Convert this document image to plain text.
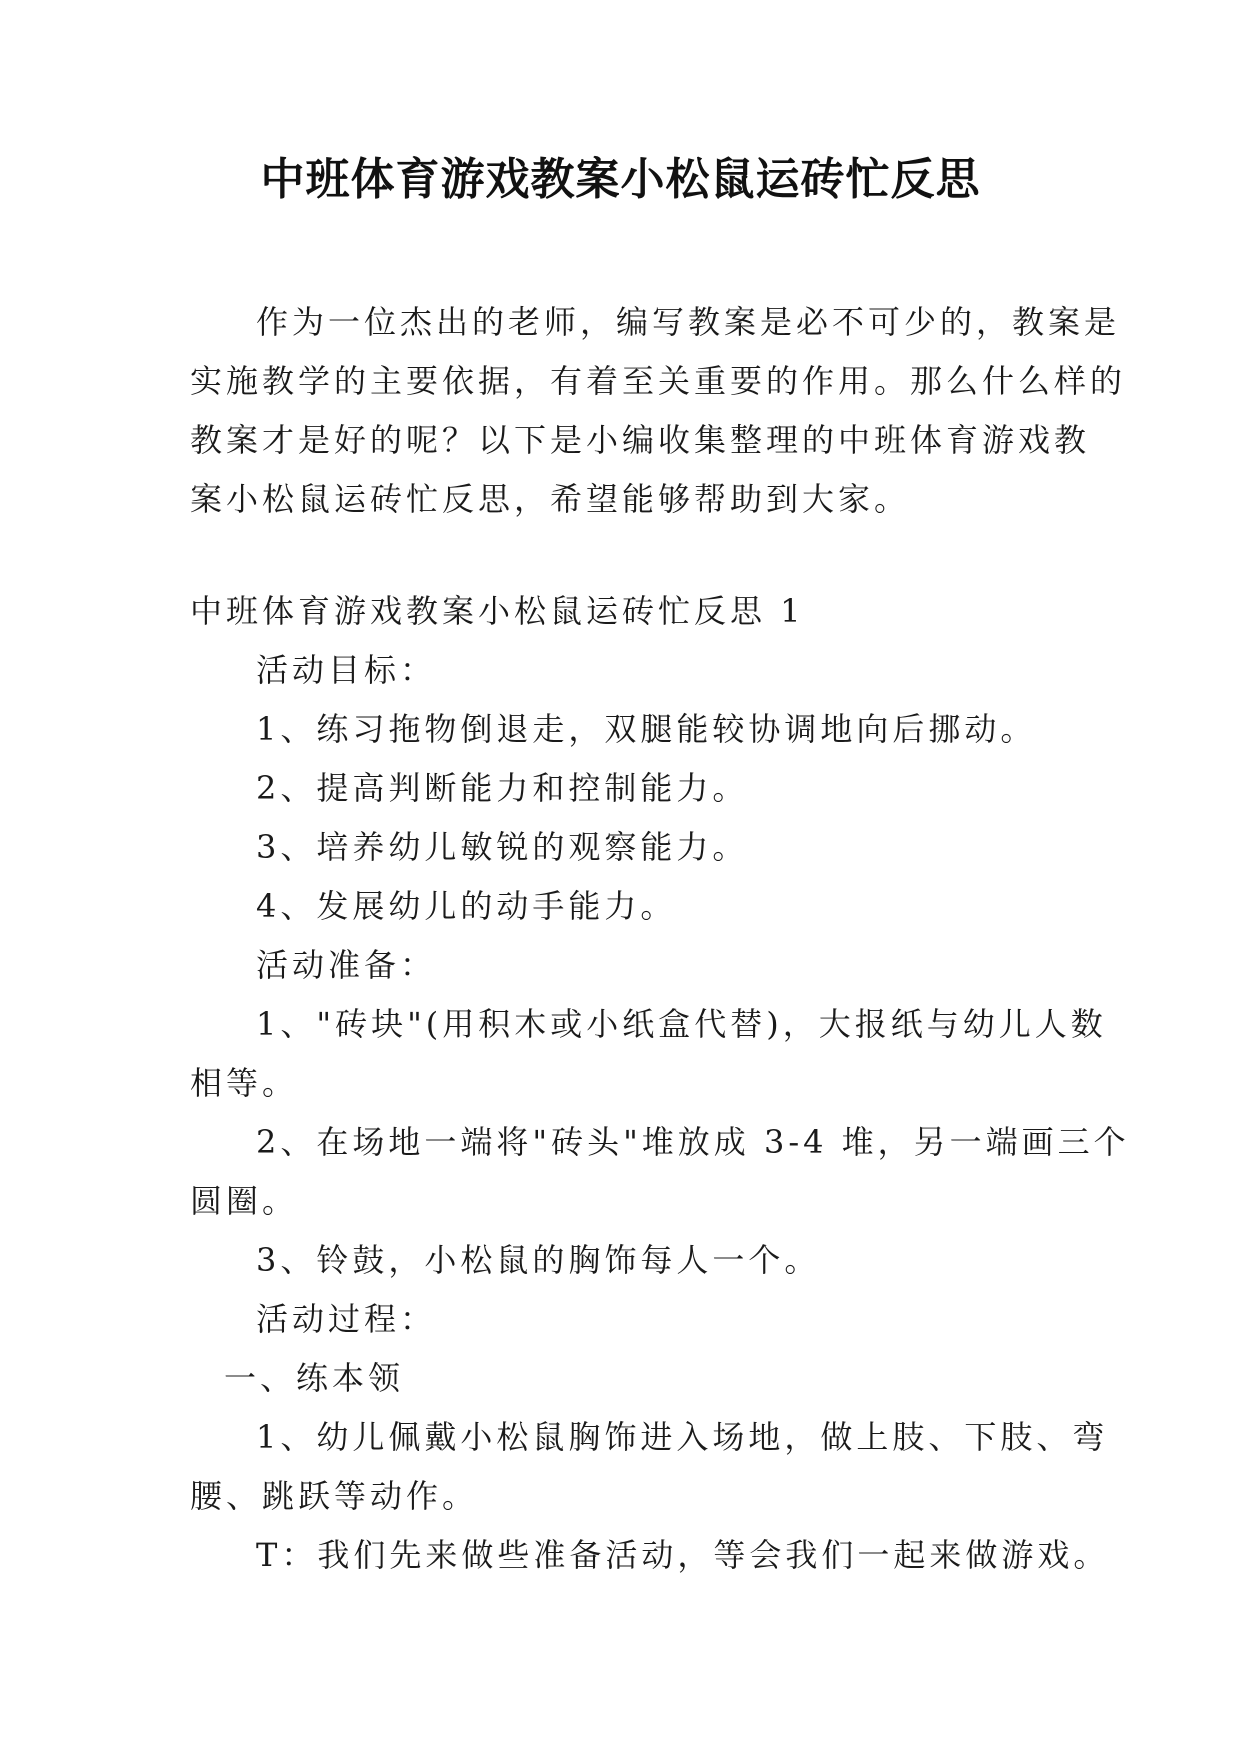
中班体育游戏教案小松鼠运砖忙反思

作为一位杰出的老师，编写教案是必不可少的，教案是

实施教学的主要依据，有着至关重要的作用。那么什么样的

教案才是好的呢？以下是小编收集整理的中班体育游戏教

案小松鼠运砖忙反思，希望能够帮助到大家。

中班体育游戏教案小松鼠运砖忙反思 1

活动目标：

1、练习拖物倒退走，双腿能较协调地向后挪动。

2、提高判断能力和控制能力。

3、培养幼儿敏锐的观察能力。

4、发展幼儿的动手能力。

活动准备：

1、"砖块"(用积木或小纸盒代替)，大报纸与幼儿人数

相等。

2、在场地一端将"砖头"堆放成 3-4 堆，另一端画三个

圆圈。

3、铃鼓，小松鼠的胸饰每人一个。

活动过程：

一、练本领

1、幼儿佩戴小松鼠胸饰进入场地，做上肢、下肢、弯

腰、跳跃等动作。

T：我们先来做些准备活动，等会我们一起来做游戏。
